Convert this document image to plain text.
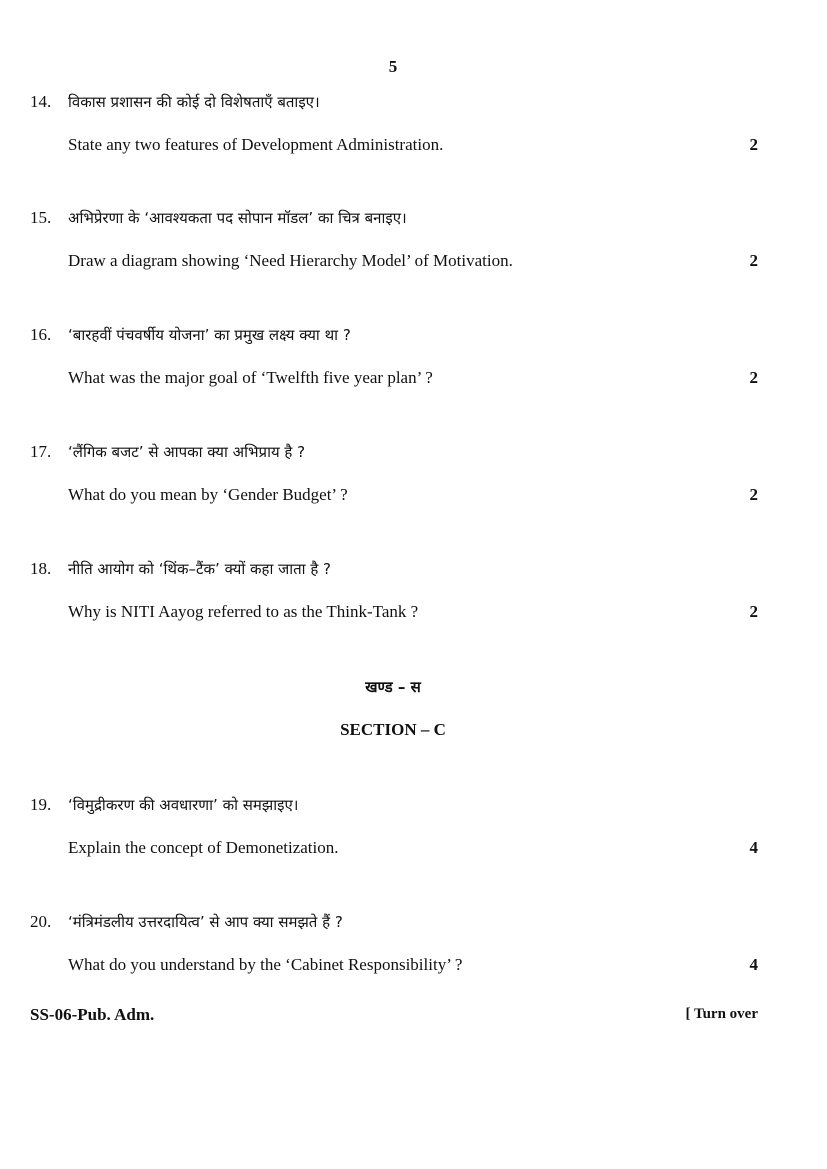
5
14. विकास प्रशासन की कोई दो विशेषताएँ बताइए।
State any two features of Development Administration.	2
15. अभिप्रेरणा के ‘आवश्यकता पद सोपान मॉडल’ का चित्र बनाइए।
Draw a diagram showing ‘Need Hierarchy Model’ of Motivation.	2
16. ‘बारहवीं पंचवर्षीय योजना’ का प्रमुख लक्ष्य क्या था ?
What was the major goal of ‘Twelfth five year plan’ ?	2
17. ‘लैंगिक बजट’ से आपका क्या अभिप्राय है ?
What do you mean by ‘Gender Budget’ ?	2
18. नीति आयोग को ‘थिंक–टैंक’ क्यों कहा जाता है ?
Why is NITI Aayog referred to as the Think-Tank ?	2
खण्ड – स
SECTION – C
19. ‘विमुद्रीकरण की अवधारणा’ को समझाइए।
Explain the concept of Demonetization.	4
20. ‘मंत्रिमंडलीय उत्तरदायित्व’ से आप क्या समझते हैं ?
What do you understand by the ‘Cabinet Responsibility’ ?	4
SS-06-Pub. Adm.	[ Turn over
